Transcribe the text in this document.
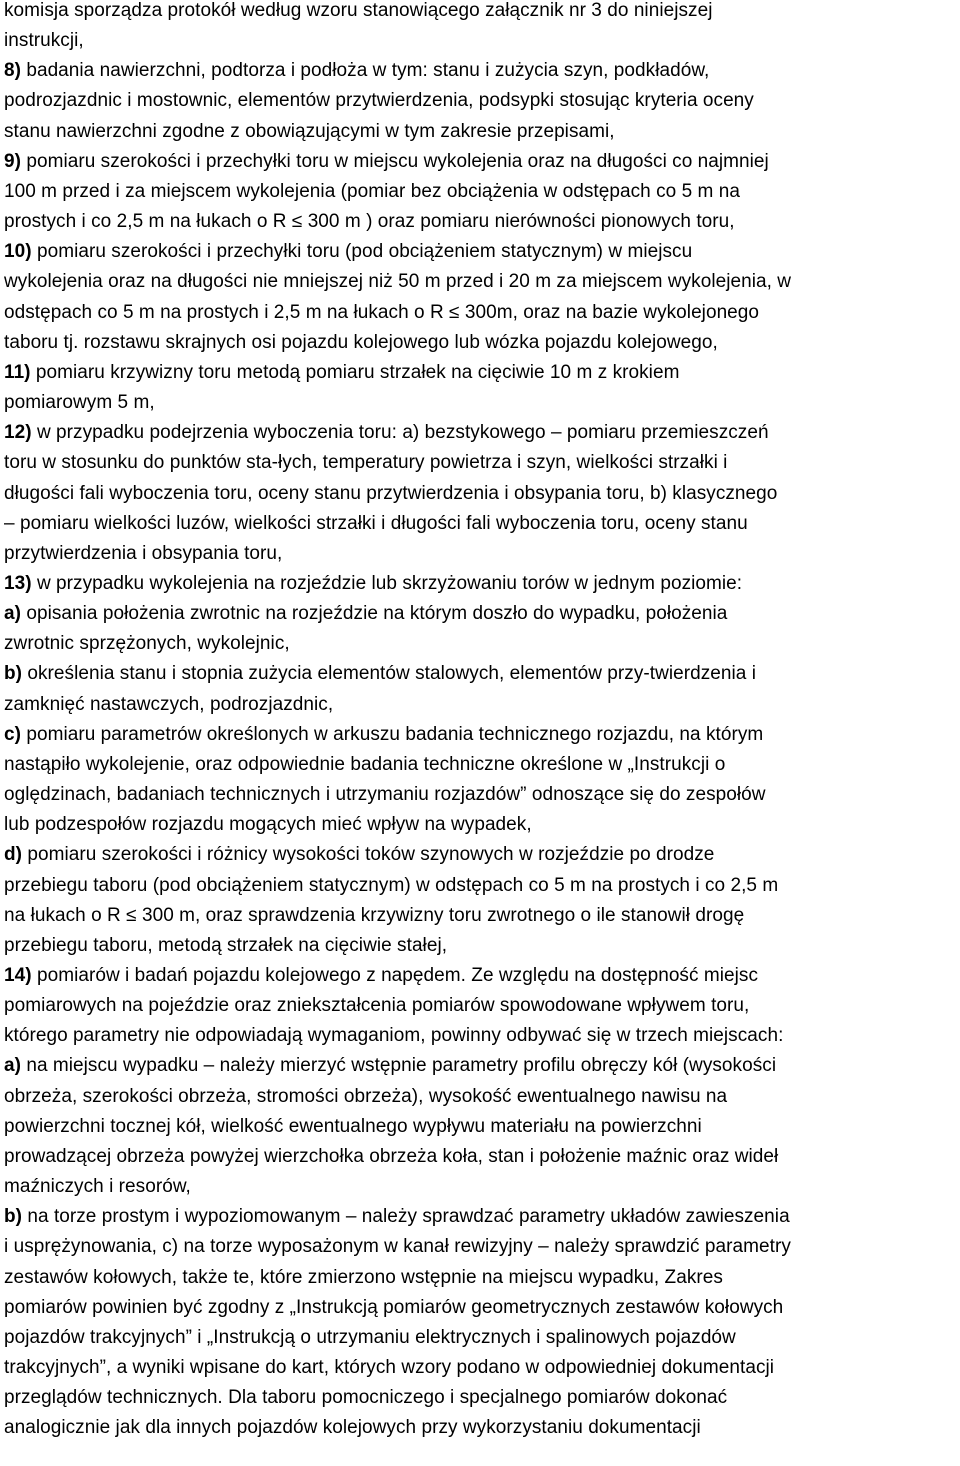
komisja sporządza protokół według wzoru stanowiącego załącznik nr 3 do niniejszej
instrukcji,
8) badania nawierzchni, podtorza i podłoża w tym: stanu i zużycia szyn, podkładów,
podrozjazdnic i mostownic, elementów przytwierdzenia, podsypki stosując kryteria oceny
stanu nawierzchni zgodne z obowiązującymi w tym zakresie przepisami,
9) pomiaru szerokości i przechyłki toru w miejscu wykolejenia oraz na długości co najmniej
100 m przed i za miejscem wykolejenia (pomiar bez obciążenia w odstępach co 5 m na
prostych i co 2,5 m na łukach o R ≤ 300 m ) oraz pomiaru nierówności pionowych toru,
10) pomiaru szerokości i przechyłki toru (pod obciążeniem statycznym) w miejscu
wykolejenia oraz na długości nie mniejszej niż 50 m przed i 20 m za miejscem wykolejenia, w
odstępach co 5 m na prostych i 2,5 m na łukach o R ≤ 300m, oraz na bazie wykolejonego
taboru tj. rozstawu skrajnych osi pojazdu kolejowego lub wózka pojazdu kolejowego,
11) pomiaru krzywizny toru metodą pomiaru strzałek na cięciwie 10 m z krokiem
pomiarowym 5 m,
12) w przypadku podejrzenia wyboczenia toru: a) bezstykowego – pomiaru przemieszczeń
toru w stosunku do punktów sta-łych, temperatury powietrza i szyn, wielkości strzałki i
długości fali wyboczenia toru, oceny stanu przytwierdzenia i obsypania toru, b) klasycznego
– pomiaru wielkości luzów, wielkości strzałki i długości fali wyboczenia toru, oceny stanu
przytwierdzenia i obsypania toru,
13) w przypadku wykolejenia na rozjeździe lub skrzyżowaniu torów w jednym poziomie:
a) opisania położenia zwrotnic na rozjeździe na którym doszło do wypadku, położenia
zwrotnic sprzężonych, wykolejnic,
b) określenia stanu i stopnia zużycia elementów stalowych, elementów przy-twierdzenia i
zamknięć nastawczych, podrozjazdnic,
c) pomiaru parametrów określonych w arkuszu badania technicznego rozjazdu, na którym
nastąpiło wykolejenie, oraz odpowiednie badania techniczne określone w „Instrukcji o
oględzinach, badaniach technicznych i utrzymaniu rozjazdów” odnoszące się do zespołów
lub podzespołów rozjazdu mogących mieć wpływ na wypadek,
d) pomiaru szerokości i różnicy wysokości toków szynowych w rozjeździe po drodze
przebiegu taboru (pod obciążeniem statycznym) w odstępach co 5 m na prostych i co 2,5 m
na łukach o R ≤ 300 m, oraz sprawdzenia krzywizny toru zwrotnego o ile stanowił drogę
przebiegu taboru, metodą strzałek na cięciwie stałej,
14) pomiarów i badań pojazdu kolejowego z napędem. Ze względu na dostępność miejsc
pomiarowych na pojeździe oraz zniekształcenia pomiarów spowodowane wpływem toru,
którego parametry nie odpowiadają wymaganiom, powinny odbywać się w trzech miejscach:
a) na miejscu wypadku – należy mierzyć wstępnie parametry profilu obręczy kół (wysokości
obrzeża, szerokości obrzeża, stromości obrzeża), wysokość ewentualnego nawisu na
powierzchni tocznej kół, wielkość ewentualnego wypływu materiału na powierzchni
prowadzącej obrzeża powyżej wierzchołka obrzeża koła, stan i położenie maźnic oraz wideł
maźniczych i resorów,
b) na torze prostym i wypoziomowanym – należy sprawdzać parametry układów zawieszenia
i usprężynowania, c) na torze wyposażonym w kanał rewizyjny – należy sprawdzić parametry
zestawów kołowych, także te, które zmierzono wstępnie na miejscu wypadku, Zakres
pomiarów powinien być zgodny z „Instrukcją pomiarów geometrycznych zestawów kołowych
pojazdów trakcyjnych” i „Instrukcją o utrzymaniu elektrycznych i spalinowych pojazdów
trakcyjnych”, a wyniki wpisane do kart, których wzory podano w odpowiedniej dokumentacji
przeglądów technicznych. Dla taboru pomocniczego i specjalnego pomiarów dokonać
analogicznie jak dla innych pojazdów kolejowych przy wykorzystaniu dokumentacji
